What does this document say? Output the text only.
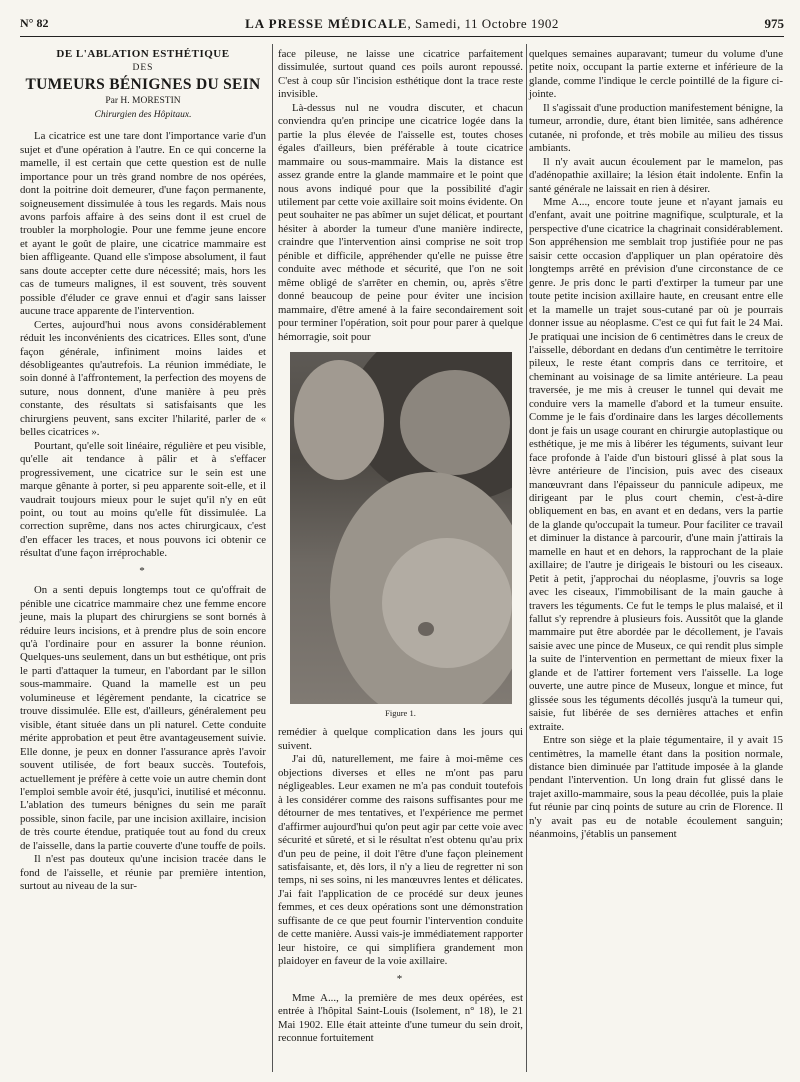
N° 82	LA PRESSE MÉDICALE, Samedi, 11 Octobre 1902	975
DE L'ABLATION ESTHÉTIQUE
DES
TUMEURS BÉNIGNES DU SEIN
Par H. MORESTIN
Chirurgien des Hôpitaux.

La cicatrice est une tare dont l'importance varie d'un sujet et d'une opération à l'autre. En ce qui concerne la mamelle, il est certain que cette question est de nulle importance pour un très grand nombre de nos opérées, dont la poitrine doit demeurer, d'une façon permanente, soigneusement dissimulée à tous les regards. Mais nous avons parfois affaire à des seins dont il est cruel de troubler la morphologie. Pour une femme jeune encore et ayant le goût de plaire, une cicatrice mammaire est bien affligeante. Quand elle s'impose absolument, il faut sans doute accepter cette dure nécessité; mais, hors les cas de tumeurs malignes, il est souvent, très souvent possible d'éluder ce grave ennui et d'agir sans laisser aucune trace apparente de l'intervention.

Certes, aujourd'hui nous avons considérablement réduit les inconvénients des cicatrices. Elles sont, d'une façon générale, infiniment moins laides et désobligeantes qu'autrefois. La réunion immédiate, le soin donné à l'affrontement, la perfection des moyens de suture, nous donnent, d'une manière à peu près constante, des résultats si satisfaisants que les chirurgiens peuvent, sans exciter l'hilarité, parler de « belles cicatrices ».

Pourtant, qu'elle soit linéaire, régulière et peu visible, qu'elle ait tendance à pâlir et à s'effacer progressivement, une cicatrice sur le sein est une marque gênante à porter, si peu apparente soit-elle, et il vaudrait toujours mieux pour le sujet qu'il n'y en eût point, ou tout au moins qu'elle fût dissimulée. La correction suprême, dans nos actes chirurgicaux, c'est d'en effacer les traces, et nous pouvons ici obtenir ce résultat d'une façon irréprochable.

*

On a senti depuis longtemps tout ce qu'offrait de pénible une cicatrice mammaire chez une femme encore jeune, mais la plupart des chirurgiens se sont bornés à réduire leurs incisions, et à prendre plus de soin encore qu'à l'ordinaire pour en assurer la bonne réunion. Quelques-uns seulement, dans un but esthétique, ont pris le parti d'attaquer la tumeur, en l'abordant par le sillon sous-mammaire. Quand la mamelle est un peu volumineuse et légèrement pendante, la cicatrice se trouve dissimulée. Elle est, d'ailleurs, généralement peu visible, étant située dans un pli naturel. Cette conduite mérite approbation et peut être avantageusement suivie. Elle donne, je peux en donner l'assurance après l'avoir souvent utilisée, de fort beaux succès. Toutefois, actuellement je préfère à cette voie un autre chemin dont l'emploi semble avoir été, jusqu'ici, inutilisé et méconnu. L'ablation des tumeurs bénignes du sein me paraît possible, sinon facile, par une incision axillaire, incision de très courte étendue, pratiquée tout au fond du creux de l'aisselle, dans la partie couverte d'une touffe de poils.

Il n'est pas douteux qu'une incision tracée dans le fond de l'aisselle, et réunie par première intention, surtout au niveau de la sur-

face pileuse, ne laisse une cicatrice parfaitement dissimulée, surtout quand ces poils auront repoussé. C'est à coup sûr l'incision esthétique dont la trace reste invisible.

Là-dessus nul ne voudra discuter, et chacun conviendra qu'en principe une cicatrice logée dans la partie la plus élevée de l'aisselle est, toutes choses égales d'ailleurs, bien préférable à toute cicatrice mammaire ou sous-mammaire. Mais la distance est assez grande entre la glande mammaire et le point que nous avons indiqué pour que la possibilité d'agir utilement par cette voie axillaire soit moins évidente. On peut souhaiter ne pas abîmer un sujet délicat, et pourtant hésiter à aborder la tumeur d'une manière indirecte, craindre que l'intervention ainsi comprise ne soit trop pénible et difficile, appréhender qu'elle ne puisse être conduite avec méthode et sécurité, que l'on ne soit même obligé de s'arrêter en chemin, ou, après s'être donné beaucoup de peine pour éviter une incision mammaire, d'être amené à la faire secondairement soit pour terminer l'opération, soit pour pour parer à quelque hémorragie, soit pour

Figure 1.

remédier à quelque complication dans les jours qui suivent.

J'ai dû, naturellement, me faire à moi-même ces objections diverses et elles ne m'ont pas paru négligeables. Leur examen ne m'a pas conduit toutefois à les considérer comme des raisons suffisantes pour me détourner de mes tentatives, et l'expérience me permet d'affirmer aujourd'hui qu'on peut agir par cette voie avec sécurité et sûreté, et si le résultat n'est obtenu qu'au prix d'un peu de peine, il doit l'être d'une façon pleinement satisfaisante, et, dès lors, il n'y a lieu de regretter ni son temps, ni ses soins, ni les manœuvres lentes et délicates. J'ai fait l'application de ce procédé sur deux jeunes femmes, et ces deux opérations sont une démonstration suffisante de ce que peut fournir l'intervention conduite de cette manière. Aussi vais-je immédiatement rapporter leur histoire, ce qui simplifiera grandement mon plaidoyer en faveur de la voie axillaire.

*

Mme A..., la première de mes deux opérées, est entrée à l'hôpital Saint-Louis (Isolement, n° 18), le 21 Mai 1902. Elle était atteinte d'une tumeur du sein droit, reconnue fortuitement

quelques semaines auparavant; tumeur du volume d'une petite noix, occupant la partie externe et inférieure de la glande, comme l'indique le cercle pointillé de la figure ci-jointe.

Il s'agissait d'une production manifestement bénigne, la tumeur, arrondie, dure, étant bien limitée, sans adhérence cutanée, ni profonde, et très mobile au milieu des tissus ambiants.

Il n'y avait aucun écoulement par le mamelon, pas d'adénopathie axillaire; la lésion était indolente. Enfin la santé générale ne laissait en rien à désirer.

Mme A..., encore toute jeune et n'ayant jamais eu d'enfant, avait une poitrine magnifique, sculpturale, et la perspective d'une cicatrice la chagrinait considérablement. Son appréhension me semblait trop justifiée pour ne pas saisir cette occasion d'appliquer un plan opératoire dès longtemps arrêté en prévision d'une circonstance de ce genre. Je pris donc le parti d'extirper la tumeur par une toute petite incision axillaire haute, en creusant entre elle et la mamelle un trajet sous-cutané par où je pourrais donner issue au néoplasme. C'est ce qui fut fait le 24 Mai. Je pratiquai une incision de 6 centimètres dans le creux de l'aisselle, débordant en dedans d'un centimètre le territoire pileux, le reste étant compris dans ce territoire, et cheminant au voisinage de sa limite antérieure. La peau traversée, je me mis à creuser le tunnel qui devait me conduire vers la mamelle d'abord et la tumeur ensuite. Comme je le fais d'ordinaire dans les larges décollements dont je fais un usage courant en chirurgie autoplastique ou esthétique, je me mis à libérer les téguments, suivant leur face profonde à l'aide d'un bistouri glissé à plat sous la lèvre antérieure de l'incision, puis avec des ciseaux manœuvrant dans l'épaisseur du pannicule adipeux, me dirigeant par le plus court chemin, c'est-à-dire obliquement en bas, en avant et en dedans, vers la partie de la glande qu'occupait la tumeur. Pour faciliter ce travail et diminuer la distance à parcourir, d'une main j'attirais la mamelle en haut et en dehors, la rapprochant de la plaie axillaire; de l'autre je dirigeais le bistouri ou les ciseaux. Petit à petit, j'approchai du néoplasme, j'ouvris sa loge avec les ciseaux, l'immobilisant de la main gauche à travers les téguments. Ce fut le temps le plus malaisé, et il fallut s'y reprendre à plusieurs fois. Aussitôt que la glande mammaire put être abordée par le décollement, je l'avais saisie avec une pince de Museux, ce qui rendit plus simple la suite de l'intervention en permettant de mieux fixer la glande et de l'attirer fortement vers l'aisselle. La loge ouverte, une autre pince de Museux, longue et mince, fut glissée sous les téguments décollés jusqu'à la tumeur qui, saisie, fut libérée de ses dernières attaches et enfin extraite.

Entre son siège et la plaie tégumentaire, il y avait 15 centimètres, la mamelle étant dans la position normale, distance bien diminuée par l'attitude imposée à la glande pendant l'intervention. Un long drain fut glissé dans le trajet axillo-mammaire, sous la peau décollée, puis la plaie fut réunie par cinq points de suture au crin de Florence. Il n'y avait pas eu de notable écoulement sanguin; néanmoins, j'établis un pansement
